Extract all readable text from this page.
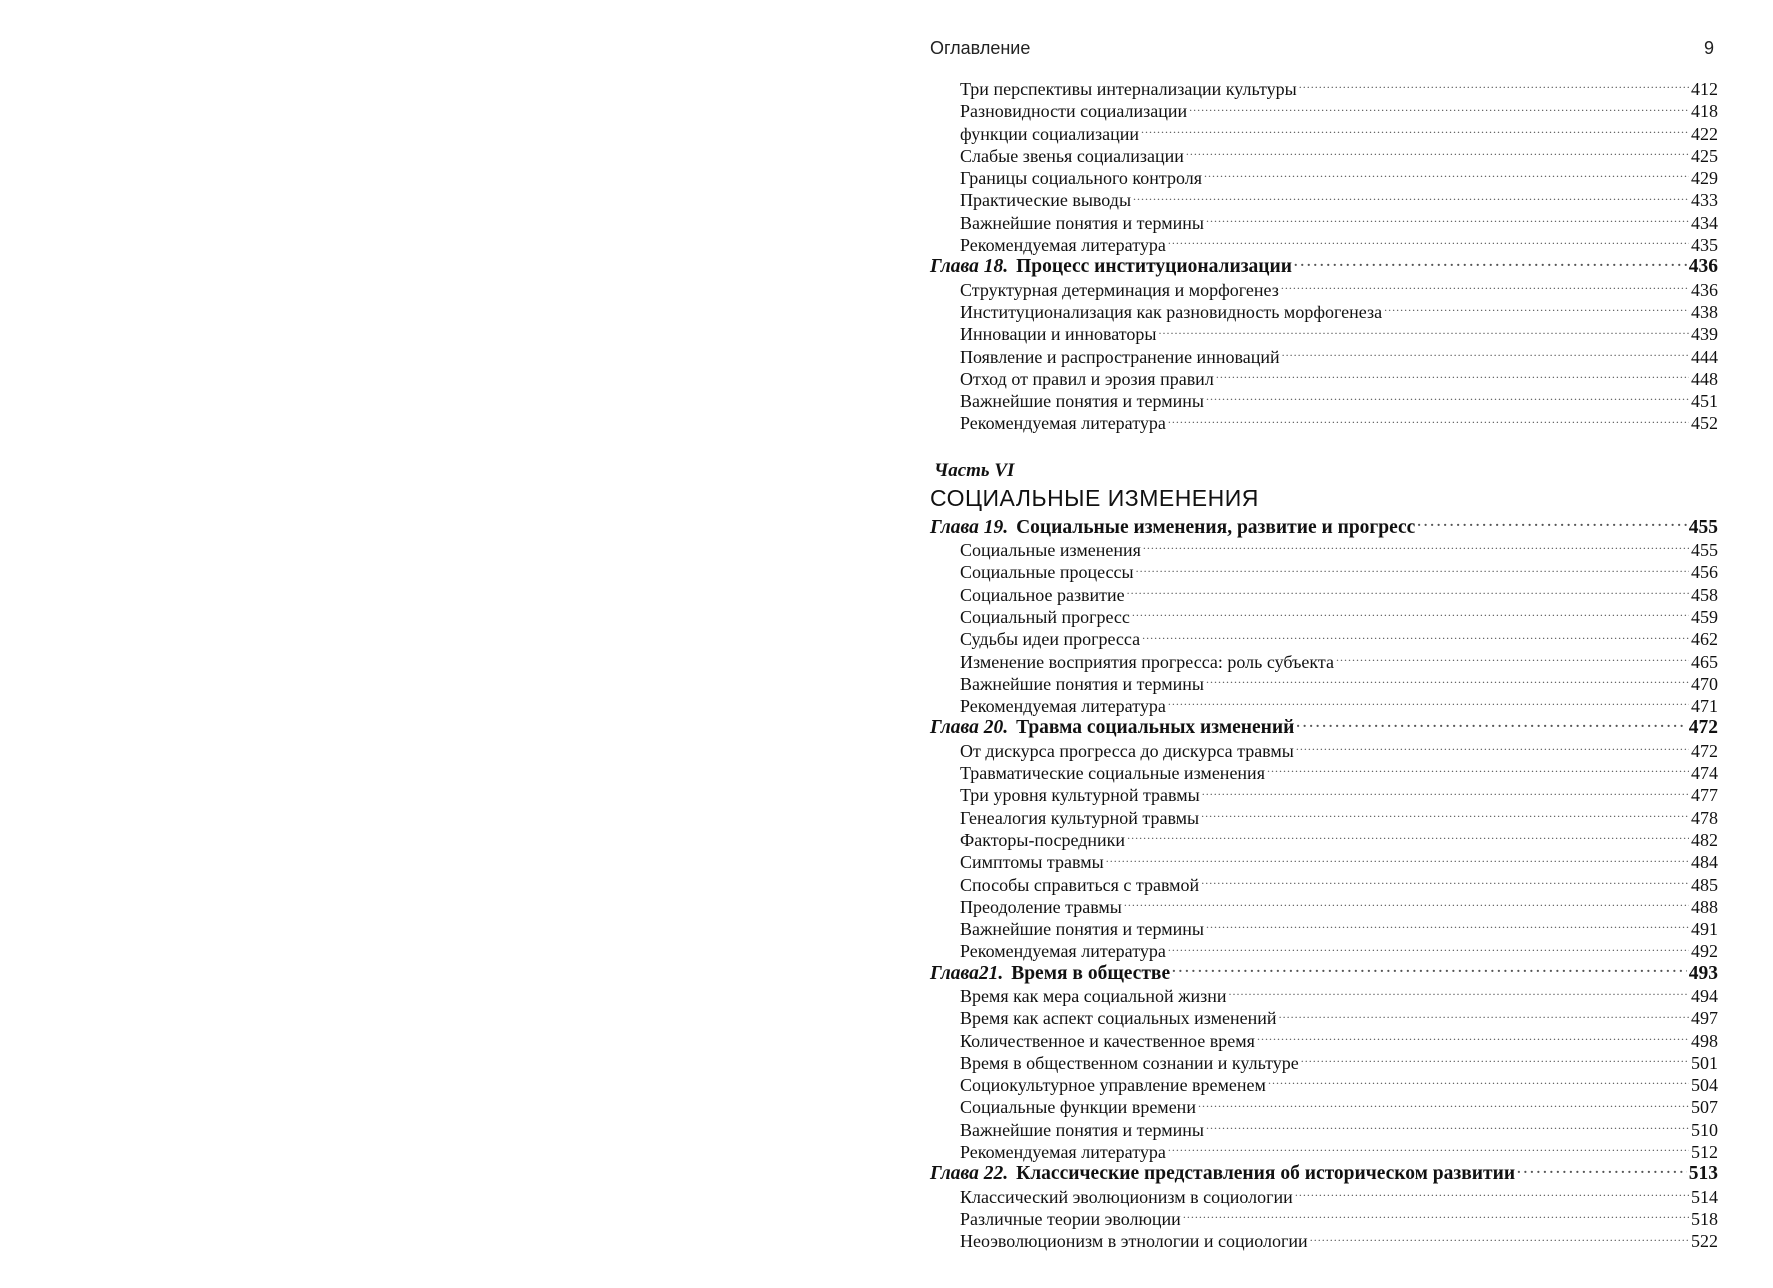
Оглавление	9
Три перспективы интернализации культуры .....	412
Разновидности социализации .....	418
функции социализации .....	422
Слабые звенья социализации .....	425
Границы социального контроля .....	429
Практические выводы .....	433
Важнейшие понятия и термины .....	434
Рекомендуемая литература .....	435
Глава 18. Процесс институционализации .....	436
Структурная детерминация и морфогенез .....	436
Институционализация как разновидность морфогенеза .....	438
Инновации и инноваторы .....	439
Появление и распространение инноваций .....	444
Отход от правил и эрозия правил .....	448
Важнейшие понятия и термины .....	451
Рекомендуемая литература .....	452
Часть VI
СОЦИАЛЬНЫЕ ИЗМЕНЕНИЯ
Глава 19. Социальные изменения, развитие и прогресс .....	455
Социальные изменения .....	455
Социальные процессы .....	456
Социальное развитие .....	458
Социальный прогресс .....	459
Судьбы идеи прогресса .....	462
Изменение восприятия прогресса: роль субъекта .....	465
Важнейшие понятия и термины .....	470
Рекомендуемая литература .....	471
Глава 20. Травма социальных изменений .....	472
От дискурса прогресса до дискурса травмы .....	472
Травматические социальные изменения .....	474
Три уровня культурной травмы .....	477
Генеалогия культурной травмы .....	478
Факторы-посредники .....	482
Симптомы травмы .....	484
Способы справиться с травмой .....	485
Преодоление травмы .....	488
Важнейшие понятия и термины .....	491
Рекомендуемая литература .....	492
Глава21. Время в обществе .....	493
Время как мера социальной жизни .....	494
Время как аспект социальных изменений .....	497
Количественное и качественное время .....	498
Время в общественном сознании и культуре .....	501
Социокультурное управление временем .....	504
Социальные функции времени .....	507
Важнейшие понятия и термины .....	510
Рекомендуемая литература .....	512
Глава 22. Классические представления об историческом развитии .....	513
Классический эволюционизм в социологии .....	514
Различные теории эволюции .....	518
Неоэволюционизм в этнологии и социологии .....	522
